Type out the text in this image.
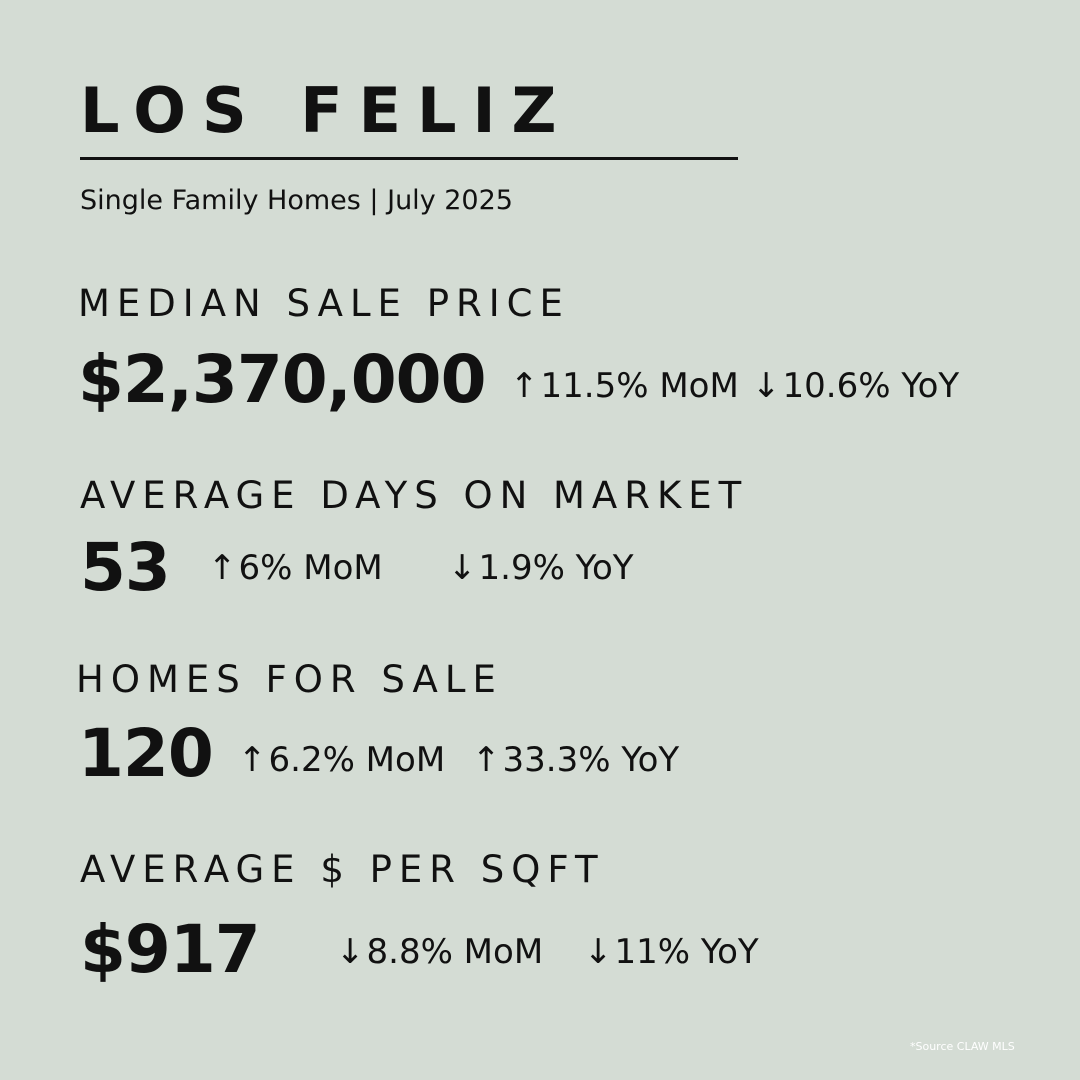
LOS FELIZ
Single Family Homes | July 2025
MEDIAN SALE PRICE
$2,370,000 ↑11.5% MoM ↓10.6% YoY
AVERAGE DAYS ON MARKET
53 ↑6% MoM ↓1.9% YoY
HOMES FOR SALE
120 ↑6.2% MoM ↑33.3% YoY
AVERAGE $ PER SQFT
$917 ↓8.8% MoM ↓11% YoY
*Source CLAW MLS
